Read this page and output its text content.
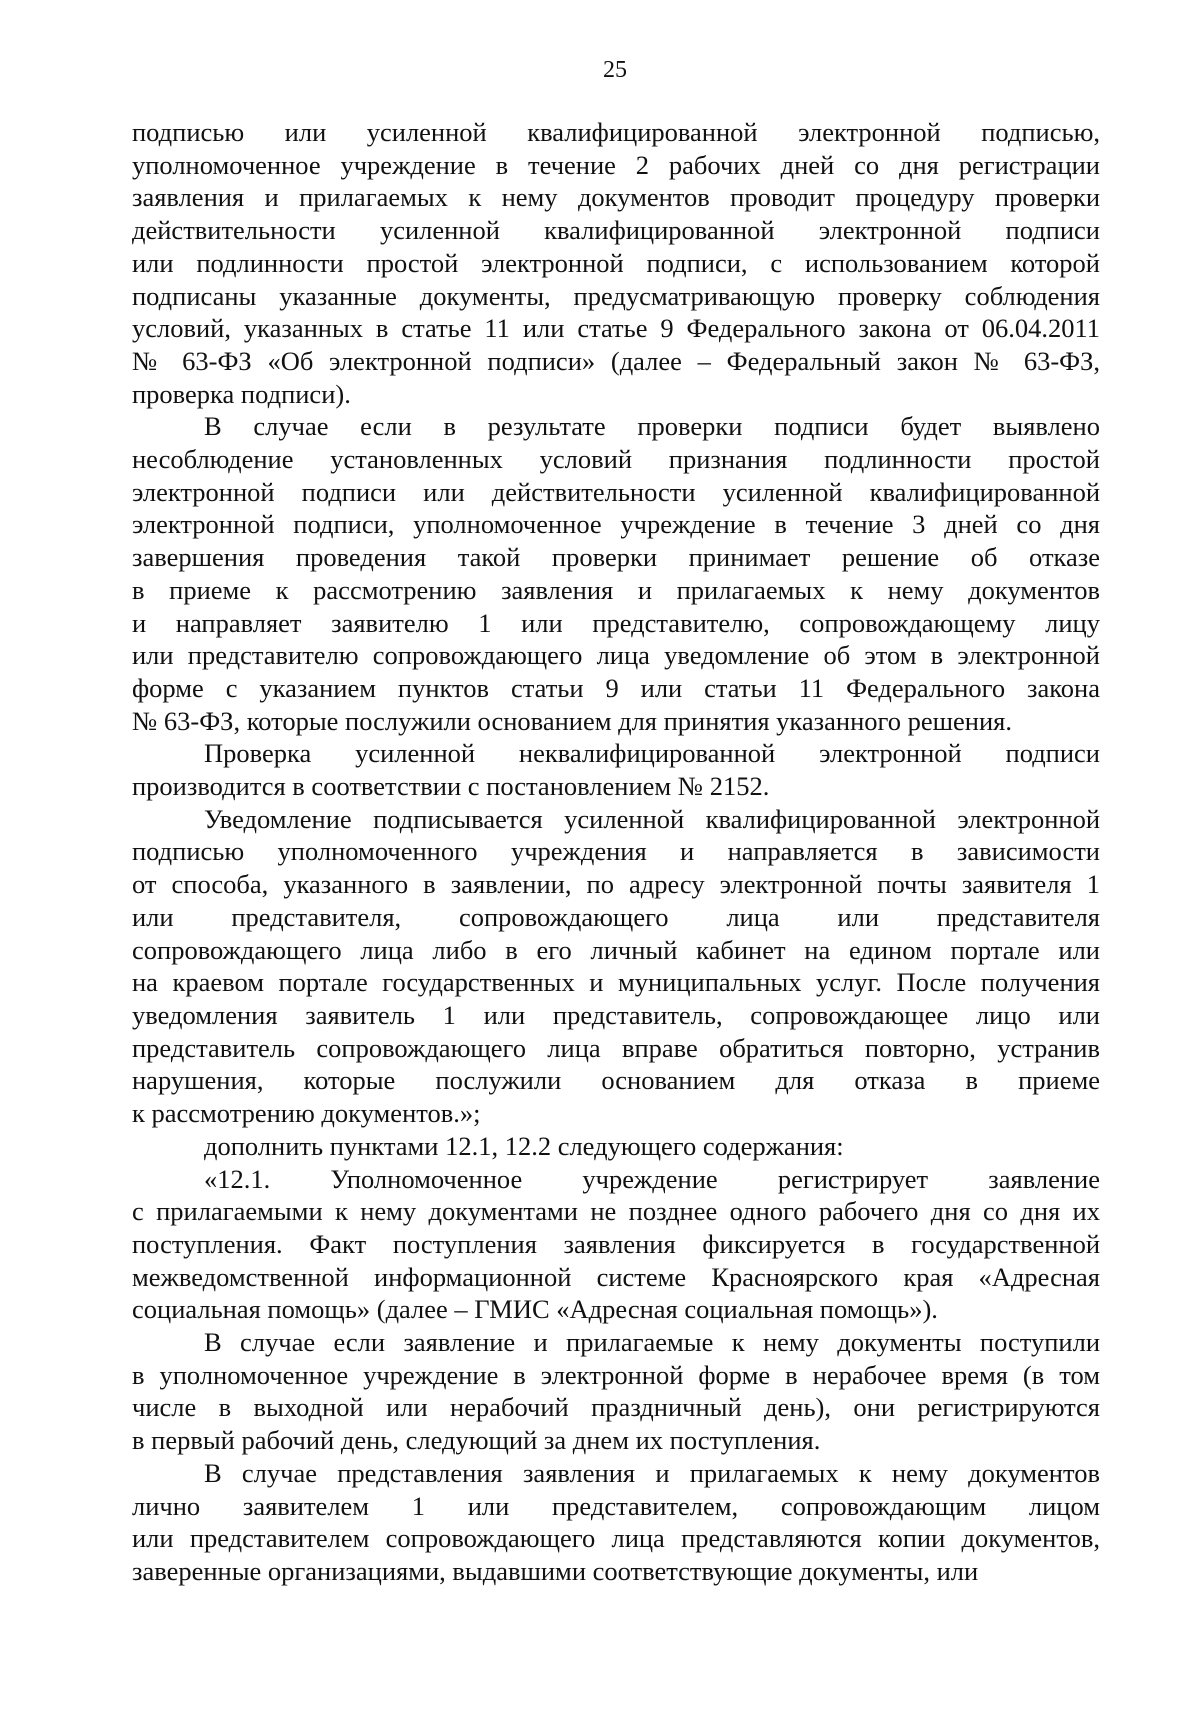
25
подписью или усиленной квалифицированной электронной подписью,
уполномоченное учреждение в течение 2 рабочих дней со дня регистрации
заявления и прилагаемых к нему документов проводит процедуру проверки
действительности усиленной квалифицированной электронной подписи
или подлинности простой электронной подписи, с использованием которой
подписаны указанные документы, предусматривающую проверку соблюдения
условий, указанных в статье 11 или статье 9 Федерального закона от 06.04.2011
№ 63-ФЗ «Об электронной подписи» (далее – Федеральный закон № 63-ФЗ,
проверка подписи).
В случае если в результате проверки подписи будет выявлено
несоблюдение установленных условий признания подлинности простой
электронной подписи или действительности усиленной квалифицированной
электронной подписи, уполномоченное учреждение в течение 3 дней со дня
завершения проведения такой проверки принимает решение об отказе
в приеме к рассмотрению заявления и прилагаемых к нему документов
и направляет заявителю 1 или представителю, сопровождающему лицу
или представителю сопровождающего лица уведомление об этом в электронной
форме с указанием пунктов статьи 9 или статьи 11 Федерального закона
№ 63-ФЗ, которые послужили основанием для принятия указанного решения.
Проверка усиленной неквалифицированной электронной подписи
производится в соответствии с постановлением № 2152.
Уведомление подписывается усиленной квалифицированной электронной
подписью уполномоченного учреждения и направляется в зависимости
от способа, указанного в заявлении, по адресу электронной почты заявителя 1
или представителя, сопровождающего лица или представителя
сопровождающего лица либо в его личный кабинет на едином портале или
на краевом портале государственных и муниципальных услуг. После получения
уведомления заявитель 1 или представитель, сопровождающее лицо или
представитель сопровождающего лица вправе обратиться повторно, устранив
нарушения, которые послужили основанием для отказа в приеме
к рассмотрению документов.»;
дополнить пунктами 12.1, 12.2 следующего содержания:
«12.1. Уполномоченное учреждение регистрирует заявление
с прилагаемыми к нему документами не позднее одного рабочего дня со дня их
поступления. Факт поступления заявления фиксируется в государственной
межведомственной информационной системе Красноярского края «Адресная
социальная помощь» (далее – ГМИС «Адресная социальная помощь»).
В случае если заявление и прилагаемые к нему документы поступили
в уполномоченное учреждение в электронной форме в нерабочее время (в том
числе в выходной или нерабочий праздничный день), они регистрируются
в первый рабочий день, следующий за днем их поступления.
В случае представления заявления и прилагаемых к нему документов
лично заявителем 1 или представителем, сопровождающим лицом
или представителем сопровождающего лица представляются копии документов,
заверенные организациями, выдавшими соответствующие документы, или
